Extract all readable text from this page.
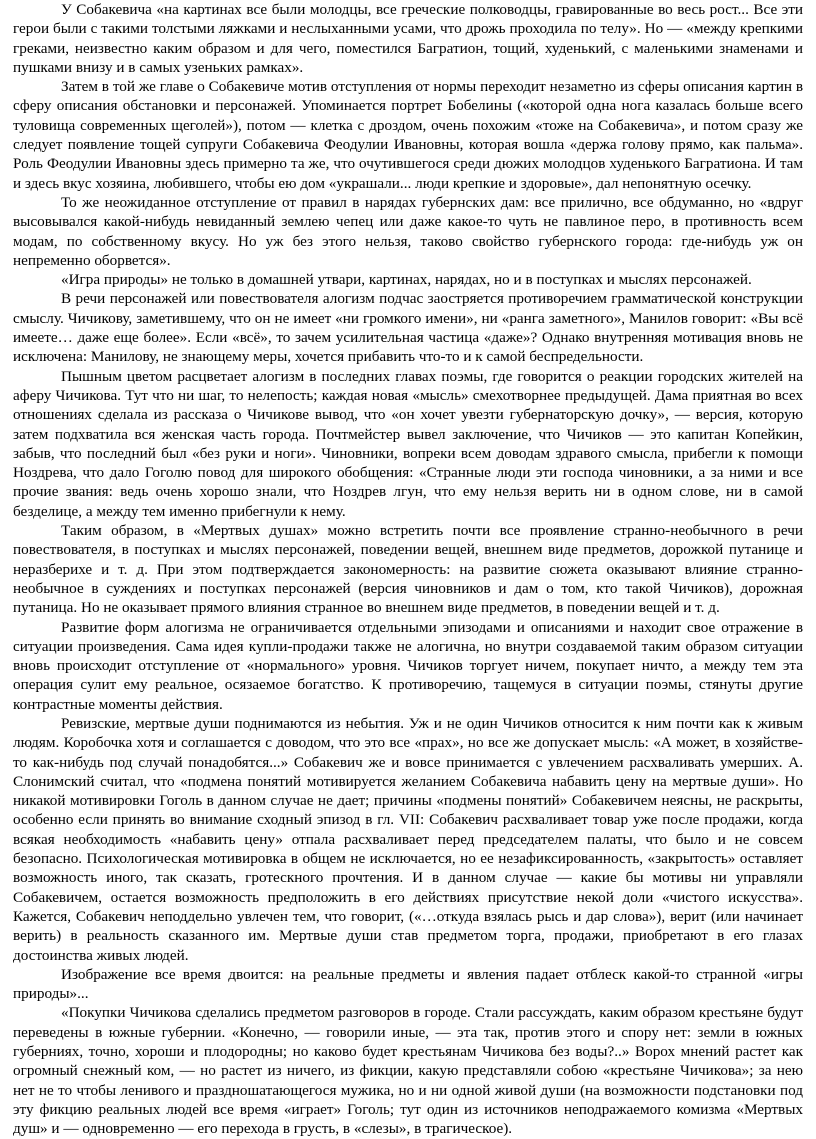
У Собакевича «на картинах все были молодцы, все греческие полководцы, гравированные во весь рост... Все эти герои были с такими толстыми ляжками и неслыханными усами, что дрожь проходила по телу». Но — «между крепкими греками, неизвестно каким образом и для чего, поместился Багратион, тощий, худенький, с маленькими знаменами и пушками внизу и в самых узеньких рамках».

Затем в той же главе о Собакевиче мотив отступления от нормы переходит незаметно из сферы описания картин в сферу описания обстановки и персонажей. Упоминается портрет Бобелины («которой одна нога казалась больше всего туловища современных щеголей»), потом — клетка с дроздом, очень похожим «тоже на Собакевича», и потом сразу же следует появление тощей супруги Собакевича Феодулии Ивановны, которая вошла «держа голову прямо, как пальма». Роль Феодулии Ивановны здесь примерно та же, что очутившегося среди дюжих молодцов худенького Багратиона. И там и здесь вкус хозяина, любившего, чтобы ею дом «украшали... люди крепкие и здоровые», дал непонятную осечку.

То же неожиданное отступление от правил в нарядах губернских дам: все прилично, все обдуманно, но «вдруг высовывался какой-нибудь невиданный землею чепец или даже какое-то чуть не павлиное перо, в противность всем модам, по собственному вкусу. Но уж без этого нельзя, таково свойство губернского города: где-нибудь уж он непременно оборвется».

«Игра природы» не только в домашней утвари, картинах, нарядах, но и в поступках и мыслях персонажей.

В речи персонажей или повествователя алогизм подчас заостряется противоречием грамматической конструкции смыслу. Чичикову, заметившему, что он не имеет «ни громкого имени», ни «ранга заметного», Манилов говорит: «Вы всё имеете… даже еще более». Если «всё», то зачем усилительная частица «даже»? Однако внутренняя мотивация вновь не исключена: Манилову, не знающему меры, хочется прибавить что-то и к самой беспредельности.

Пышным цветом расцветает алогизм в последних главах поэмы, где говорится о реакции городских жителей на аферу Чичикова. Тут что ни шаг, то нелепость; каждая новая «мысль» смехотворнее предыдущей. Дама приятная во всех отношениях сделала из рассказа о Чичикове вывод, что «он хочет увезти губернаторскую дочку», — версия, которую затем подхватила вся женская часть города. Почтмейстер вывел заключение, что Чичиков — это капитан Копейкин, забыв, что последний был «без руки и ноги». Чиновники, вопреки всем доводам здравого смысла, прибегли к помощи Ноздрева, что дало Гоголю повод для широкого обобщения: «Странные люди эти господа чиновники, а за ними и все прочие звания: ведь очень хорошо знали, что Ноздрев лгун, что ему нельзя верить ни в одном слове, ни в самой безделице, а между тем именно прибегнули к нему.

Таким образом, в «Мертвых душах» можно встретить почти все проявление странно-необычного в речи повествователя, в поступках и мыслях персонажей, поведении вещей, внешнем виде предметов, дорожкой путанице и неразберихе и т. д. При этом подтверждается закономерность: на развитие сюжета оказывают влияние странно-необычное в суждениях и поступках персонажей (версия чиновников и дам о том, кто такой Чичиков), дорожная путаница. Но не оказывает прямого влияния странное во внешнем виде предметов, в поведении вещей и т. д.

Развитие форм алогизма не ограничивается отдельными эпизодами и описаниями и находит свое отражение в ситуации произведения. Сама идея купли-продажи также не алогична, но внутри создаваемой таким образом ситуации вновь происходит отступление от «нормального» уровня. Чичиков торгует ничем, покупает ничто, а между тем эта операция сулит ему реальное, осязаемое богатство. К противоречию, тащемуся в ситуации поэмы, стянуты другие контрастные моменты действия.

Ревизские, мертвые души поднимаются из небытия. Уж и не один Чичиков относится к ним почти как к живым людям. Коробочка хотя и соглашается с доводом, что это все «прах», но все же допускает мысль: «А может, в хозяйстве-то как-нибудь под случай понадобятся...» Собакевич же и вовсе принимается с увлечением расхваливать умерших. А. Слонимский считал, что «подмена понятий мотивируется желанием Собакевича набавить цену на мертвые души». Но никакой мотивировки Гоголь в данном случае не дает; причины «подмены понятий» Собакевичем неясны, не раскрыты, особенно если принять во внимание сходный эпизод в гл. VII: Собакевич расхваливает товар уже после продажи, когда всякая необходимость «набавить цену» отпала расхваливает перед председателем палаты, что было и не совсем безопасно. Психологическая мотивировка в общем не исключается, но ее незафиксированность, «закрытость» оставляет возможность иного, так сказать, гротескного прочтения. И в данном случае — какие бы мотивы ни управляли Собакевичем, остается возможность предположить в его действиях присутствие некой доли «чистого искусства». Кажется, Собакевич неподдельно увлечен тем, что говорит, («…откуда взялась рысь и дар слова»), верит (или начинает верить) в реальность сказанного им. Мертвые души став предметом торга, продажи, приобретают в его глазах достоинства живых людей.

Изображение все время двоится: на реальные предметы и явления падает отблеск какой-то странной «игры природы»...

«Покупки Чичикова сделались предметом разговоров в городе. Стали рассуждать, каким образом крестьяне будут переведены в южные губернии. «Конечно, — говорили иные, — эта так, против этого и спору нет: земли в южных губерниях, точно, хороши и плодородны; но каково будет крестьянам Чичикова без воды?..» Ворох мнений растет как огромный снежный ком, — но растет из ничего, из фикции, какую представляли собою «крестьяне Чичикова»; за нею нет не то чтобы ленивого и праздношатающегося мужика, но и ни одной живой души (на возможности подстановки под эту фикцию реальных людей все время «играет» Гоголь; тут один из источников неподражаемого комизма «Мертвых душ» и — одновременно — его перехода в грусть, в «слезы», в трагическое).
